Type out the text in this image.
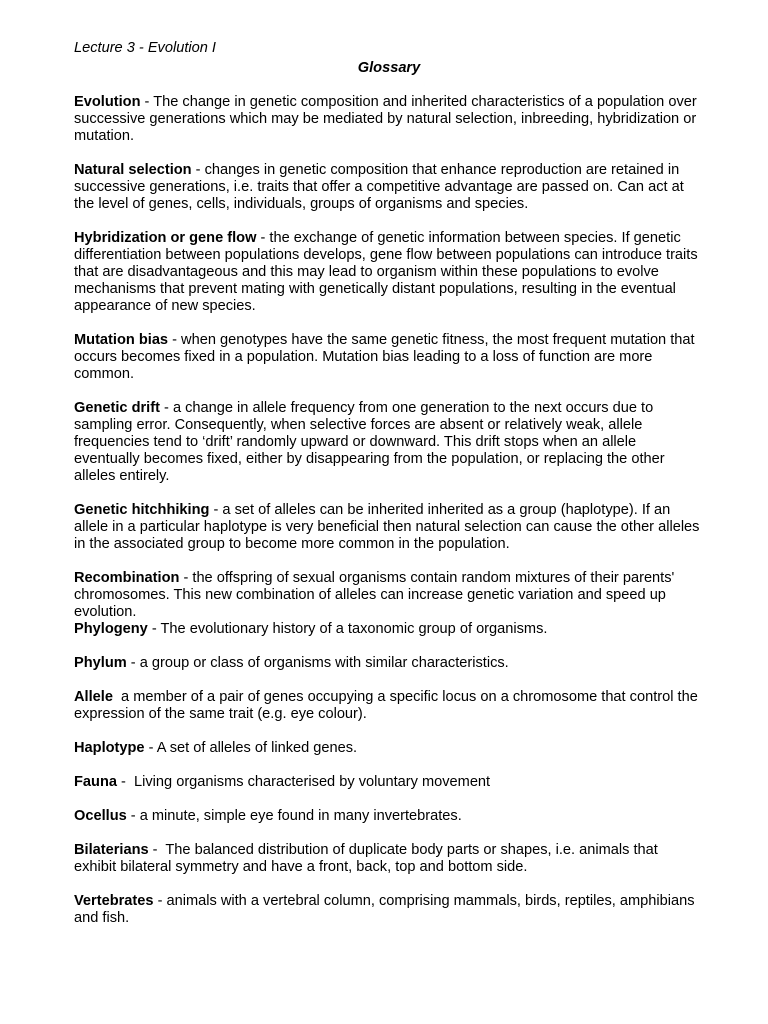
Lecture 3 - Evolution I

Glossary

Evolution - The change in genetic composition and inherited characteristics of a population over successive generations which may be mediated by natural selection, inbreeding, hybridization or mutation.

Natural selection - changes in genetic composition that enhance reproduction are retained in successive generations, i.e. traits that offer a competitive advantage are passed on. Can act at the level of genes, cells, individuals, groups of organisms and species.

Hybridization or gene flow - the exchange of genetic information between species. If genetic differentiation between populations develops, gene flow between populations can introduce traits that are disadvantageous and this may lead to organism within these populations to evolve mechanisms that prevent mating with genetically distant populations, resulting in the eventual appearance of new species.

Mutation bias - when genotypes have the same genetic fitness, the most frequent mutation that occurs becomes fixed in a population. Mutation bias leading to a loss of function are more common.

Genetic drift - a change in allele frequency from one generation to the next occurs due to sampling error. Consequently, when selective forces are absent or relatively weak, allele frequencies tend to ‘drift’ randomly upward or downward. This drift stops when an allele eventually becomes fixed, either by disappearing from the population, or replacing the other alleles entirely.

Genetic hitchhiking - a set of alleles can be inherited inherited as a group (haplotype). If an allele in a particular haplotype is very beneficial then natural selection can cause the other alleles in the associated group to become more common in the population.

Recombination - the offspring of sexual organisms contain random mixtures of their parents' chromosomes. This new combination of alleles can increase genetic variation and speed up evolution.

Phylogeny - The evolutionary history of a taxonomic group of organisms.

Phylum - a group or class of organisms with similar characteristics.

Allele a member of a pair of genes occupying a specific locus on a chromosome that control the expression of the same trait (e.g. eye colour).

Haplotype - A set of alleles of linked genes.

Fauna -  Living organisms characterised by voluntary movement

Ocellus - a minute, simple eye found in many invertebrates.

Bilaterians -  The balanced distribution of duplicate body parts or shapes, i.e. animals that exhibit bilateral symmetry and have a front, back, top and bottom side.

Vertebrates - animals with a vertebral column, comprising mammals, birds, reptiles, amphibians and fish.
